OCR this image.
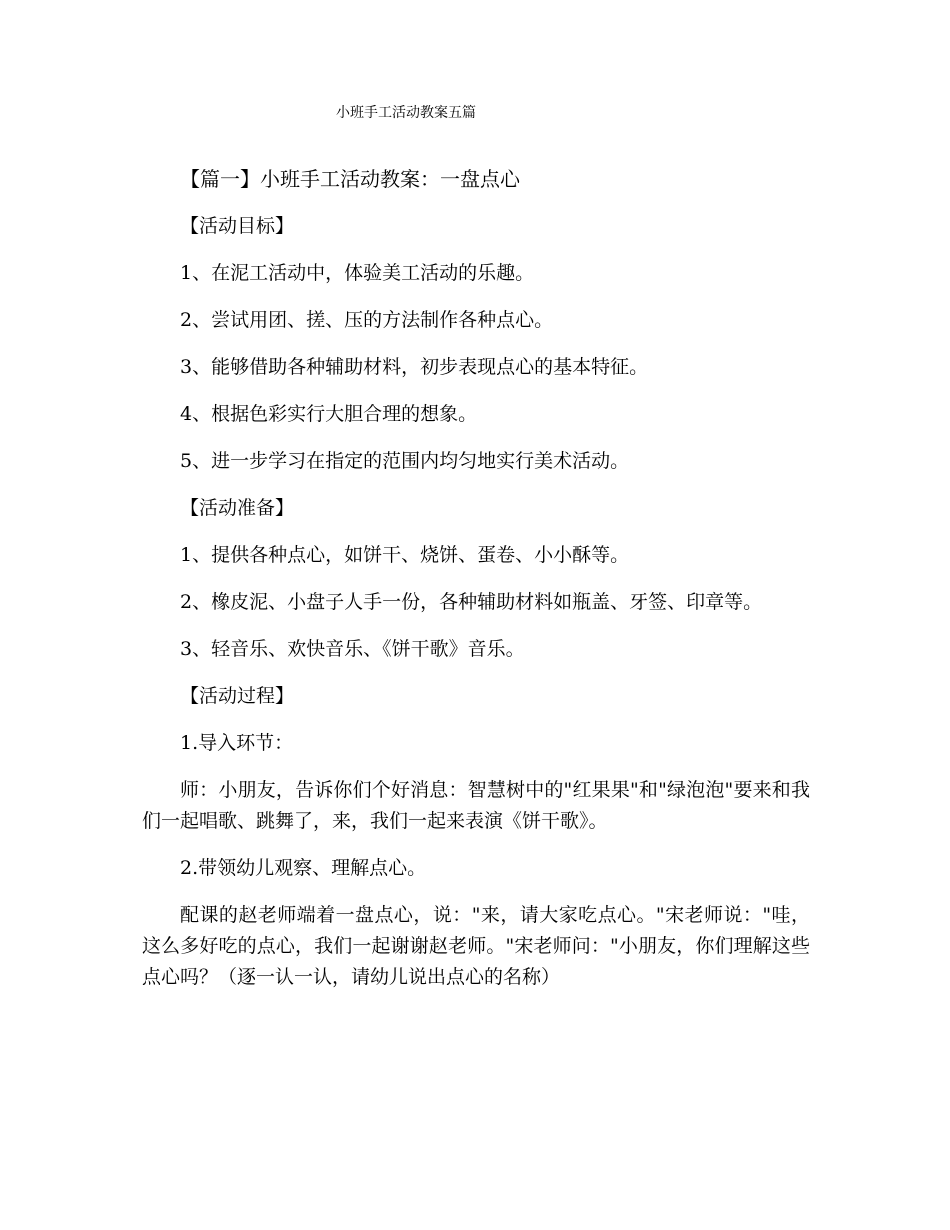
小班手工活动教案五篇

【篇一】小班手工活动教案：一盘点心

【活动目标】

1、在泥工活动中，体验美工活动的乐趣。

2、尝试用团、搓、压的方法制作各种点心。

3、能够借助各种辅助材料，初步表现点心的基本特征。

4、根据色彩实行大胆合理的想象。

5、进一步学习在指定的范围内均匀地实行美术活动。

【活动准备】

1、提供各种点心，如饼干、烧饼、蛋卷、小小酥等。

2、橡皮泥、小盘子人手一份，各种辅助材料如瓶盖、牙签、印章等。

3、轻音乐、欢快音乐、《饼干歌》音乐。

【活动过程】

1.导入环节：

师：小朋友，告诉你们个好消息：智慧树中的"红果果"和"绿泡泡"要来和我们一起唱歌、跳舞了，来，我们一起来表演《饼干歌》。

2.带领幼儿观察、理解点心。

配课的赵老师端着一盘点心，说："来，请大家吃点心。"宋老师说："哇，这么多好吃的点心，我们一起谢谢赵老师。"宋老师问："小朋友，你们理解这些点心吗？（逐一认一认，请幼儿说出点心的名称）
